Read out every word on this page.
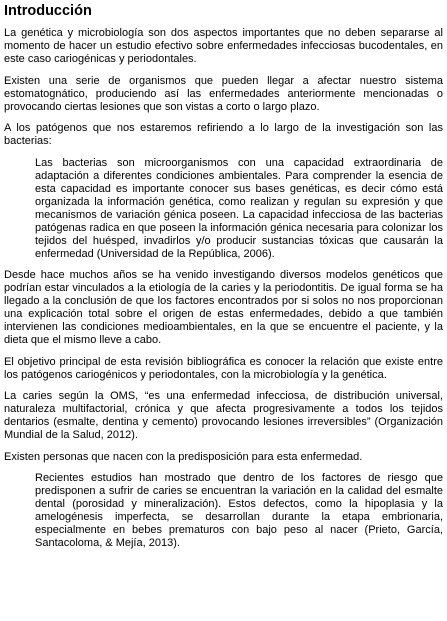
Introducción

La genética y microbiología son dos aspectos importantes que no deben separarse al momento de hacer un estudio efectivo sobre enfermedades infecciosas bucodentales, en este caso cariogénicas y periodontales.

Existen una serie de organismos que pueden llegar a afectar nuestro sistema estomatognático, produciendo así las enfermedades anteriormente mencionadas o provocando ciertas lesiones que son vistas a corto o largo plazo.

A los patógenos que nos estaremos refiriendo a lo largo de la investigación son las bacterias:

Las bacterias son microorganismos con una capacidad extraordinaria de adaptación a diferentes condiciones ambientales. Para comprender la esencia de esta capacidad es importante conocer sus bases genéticas, es decir cómo está organizada la información genética, como realizan y regulan su expresión y que mecanismos de variación génica poseen. La capacidad infecciosa de las bacterias patógenas radica en que poseen la información génica necesaria para colonizar los tejidos del huésped, invadirlos y/o producir sustancias tóxicas que causarán la enfermedad (Universidad de la República, 2006).

Desde hace muchos años se ha venido investigando diversos modelos genéticos que podrían estar vinculados a la etiología de la caries y la periodontitis. De igual forma se ha llegado a la conclusión de que los factores encontrados por si solos no nos proporcionan una explicación total sobre el origen de estas enfermedades, debido a que también intervienen las condiciones medioambientales, en la que se encuentre el paciente, y la dieta que el mismo lleve a cabo.

El objetivo principal de esta revisión bibliográfica es conocer la relación que existe entre los patógenos cariogénicos y periodontales, con la microbiología y la genética.

La caries según la OMS, “es una enfermedad infecciosa, de distribución universal, naturaleza multifactorial, crónica y que afecta progresivamente a todos los tejidos dentarios (esmalte, dentina y cemento) provocando lesiones irreversibles” (Organización Mundial de la Salud, 2012).

Existen personas que nacen con la predisposición para esta enfermedad.

Recientes estudios han mostrado que dentro de los factores de riesgo que predisponen a sufrir de caries se encuentran la variación en la calidad del esmalte dental (porosidad y mineralización). Estos defectos, como la hipoplasia y la amelogénesis imperfecta, se desarrollan durante la etapa embrionaria, especialmente en bebes prematuros con bajo peso al nacer (Prieto, García, Santacoloma, & Mejía, 2013).
